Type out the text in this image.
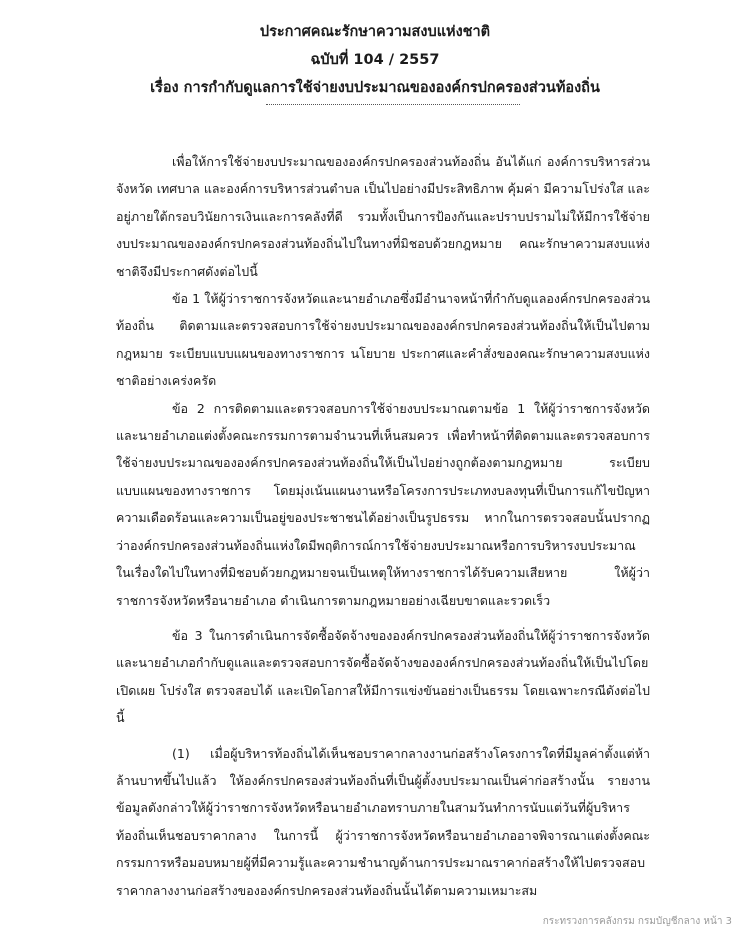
ประกาศคณะรักษาความสงบแห่งชาติ
ฉบับที่ 104 / 2557
เรื่อง การกำกับดูแลการใช้จ่ายงบประมาณขององค์กรปกครองส่วนท้องถิ่น

เพื่อให้การใช้จ่ายงบประมาณขององค์กรปกครองส่วนท้องถิ่น อันได้แก่ องค์การบริหารส่วนจังหวัด เทศบาล และองค์การบริหารส่วนตำบล เป็นไปอย่างมีประสิทธิภาพ คุ้มค่า มีความโปร่งใส และอยู่ภายใต้กรอบวินัยการเงินและการคลังที่ดี รวมทั้งเป็นการป้องกันและปราบปรามไม่ให้มีการใช้จ่ายงบประมาณขององค์กรปกครองส่วนท้องถิ่นไปในทางที่มิชอบด้วยกฎหมาย คณะรักษาความสงบแห่งชาติจึงมีประกาศดังต่อไปนี้

ข้อ 1 ให้ผู้ว่าราชการจังหวัดและนายอำเภอซึ่งมีอำนาจหน้าที่กำกับดูแลองค์กรปกครองส่วนท้องถิ่น ติดตามและตรวจสอบการใช้จ่ายงบประมาณขององค์กรปกครองส่วนท้องถิ่นให้เป็นไปตามกฎหมาย ระเบียบแบบแผนของทางราชการ นโยบาย ประกาศและคำสั่งของคณะรักษาความสงบแห่งชาติอย่างเคร่งครัด

ข้อ 2 การติดตามและตรวจสอบการใช้จ่ายงบประมาณตามข้อ 1 ให้ผู้ว่าราชการจังหวัดและนายอำเภอแต่งตั้งคณะกรรมการตามจำนวนที่เห็นสมควร เพื่อทำหน้าที่ติดตามและตรวจสอบการใช้จ่ายงบประมาณขององค์กรปกครองส่วนท้องถิ่นให้เป็นไปอย่างถูกต้องตามกฎหมาย ระเบียบแบบแผนของทางราชการ โดยมุ่งเน้นแผนงานหรือโครงการประเภทงบลงทุนที่เป็นการแก้ไขปัญหาความเดือดร้อนและความเป็นอยู่ของประชาชนได้อย่างเป็นรูปธรรม หากในการตรวจสอบนั้นปรากฏว่าองค์กรปกครองส่วนท้องถิ่นแห่งใดมีพฤติการณ์การใช้จ่ายงบประมาณหรือการบริหารงบประมาณในเรื่องใดไปในทางที่มิชอบด้วยกฎหมายจนเป็นเหตุให้ทางราชการได้รับความเสียหาย ให้ผู้ว่าราชการจังหวัดหรือนายอำเภอ ดำเนินการตามกฎหมายอย่างเฉียบขาดและรวดเร็ว

ข้อ 3 ในการดำเนินการจัดซื้อจัดจ้างขององค์กรปกครองส่วนท้องถิ่นให้ผู้ว่าราชการจังหวัดและนายอำเภอกำกับดูแลและตรวจสอบการจัดซื้อจัดจ้างขององค์กรปกครองส่วนท้องถิ่นให้เป็นไปโดยเปิดเผย โปร่งใส ตรวจสอบได้ และเปิดโอกาสให้มีการแข่งขันอย่างเป็นธรรม โดยเฉพาะกรณีดังต่อไปนี้

(1) เมื่อผู้บริหารท้องถิ่นได้เห็นชอบราคากลางงานก่อสร้างโครงการใดที่มีมูลค่าตั้งแต่ห้าล้านบาทขึ้นไปแล้ว ให้องค์กรปกครองส่วนท้องถิ่นที่เป็นผู้ตั้งงบประมาณเป็นค่าก่อสร้างนั้น รายงานข้อมูลดังกล่าวให้ผู้ว่าราชการจังหวัดหรือนายอำเภอทราบภายในสามวันทำการนับแต่วันที่ผู้บริหารท้องถิ่นเห็นชอบราคากลาง ในการนี้ ผู้ว่าราชการจังหวัดหรือนายอำเภออาจพิจารณาแต่งตั้งคณะกรรมการหรือมอบหมายผู้ที่มีความรู้และความชำนาญด้านการประมาณราคาก่อสร้างให้ไปตรวจสอบราคากลางงานก่อสร้างขององค์กรปกครองส่วนท้องถิ่นนั้นได้ตามความเหมาะสม

กระทรวงการคลังกรม กรมบัญชีกลาง หน้า 3
